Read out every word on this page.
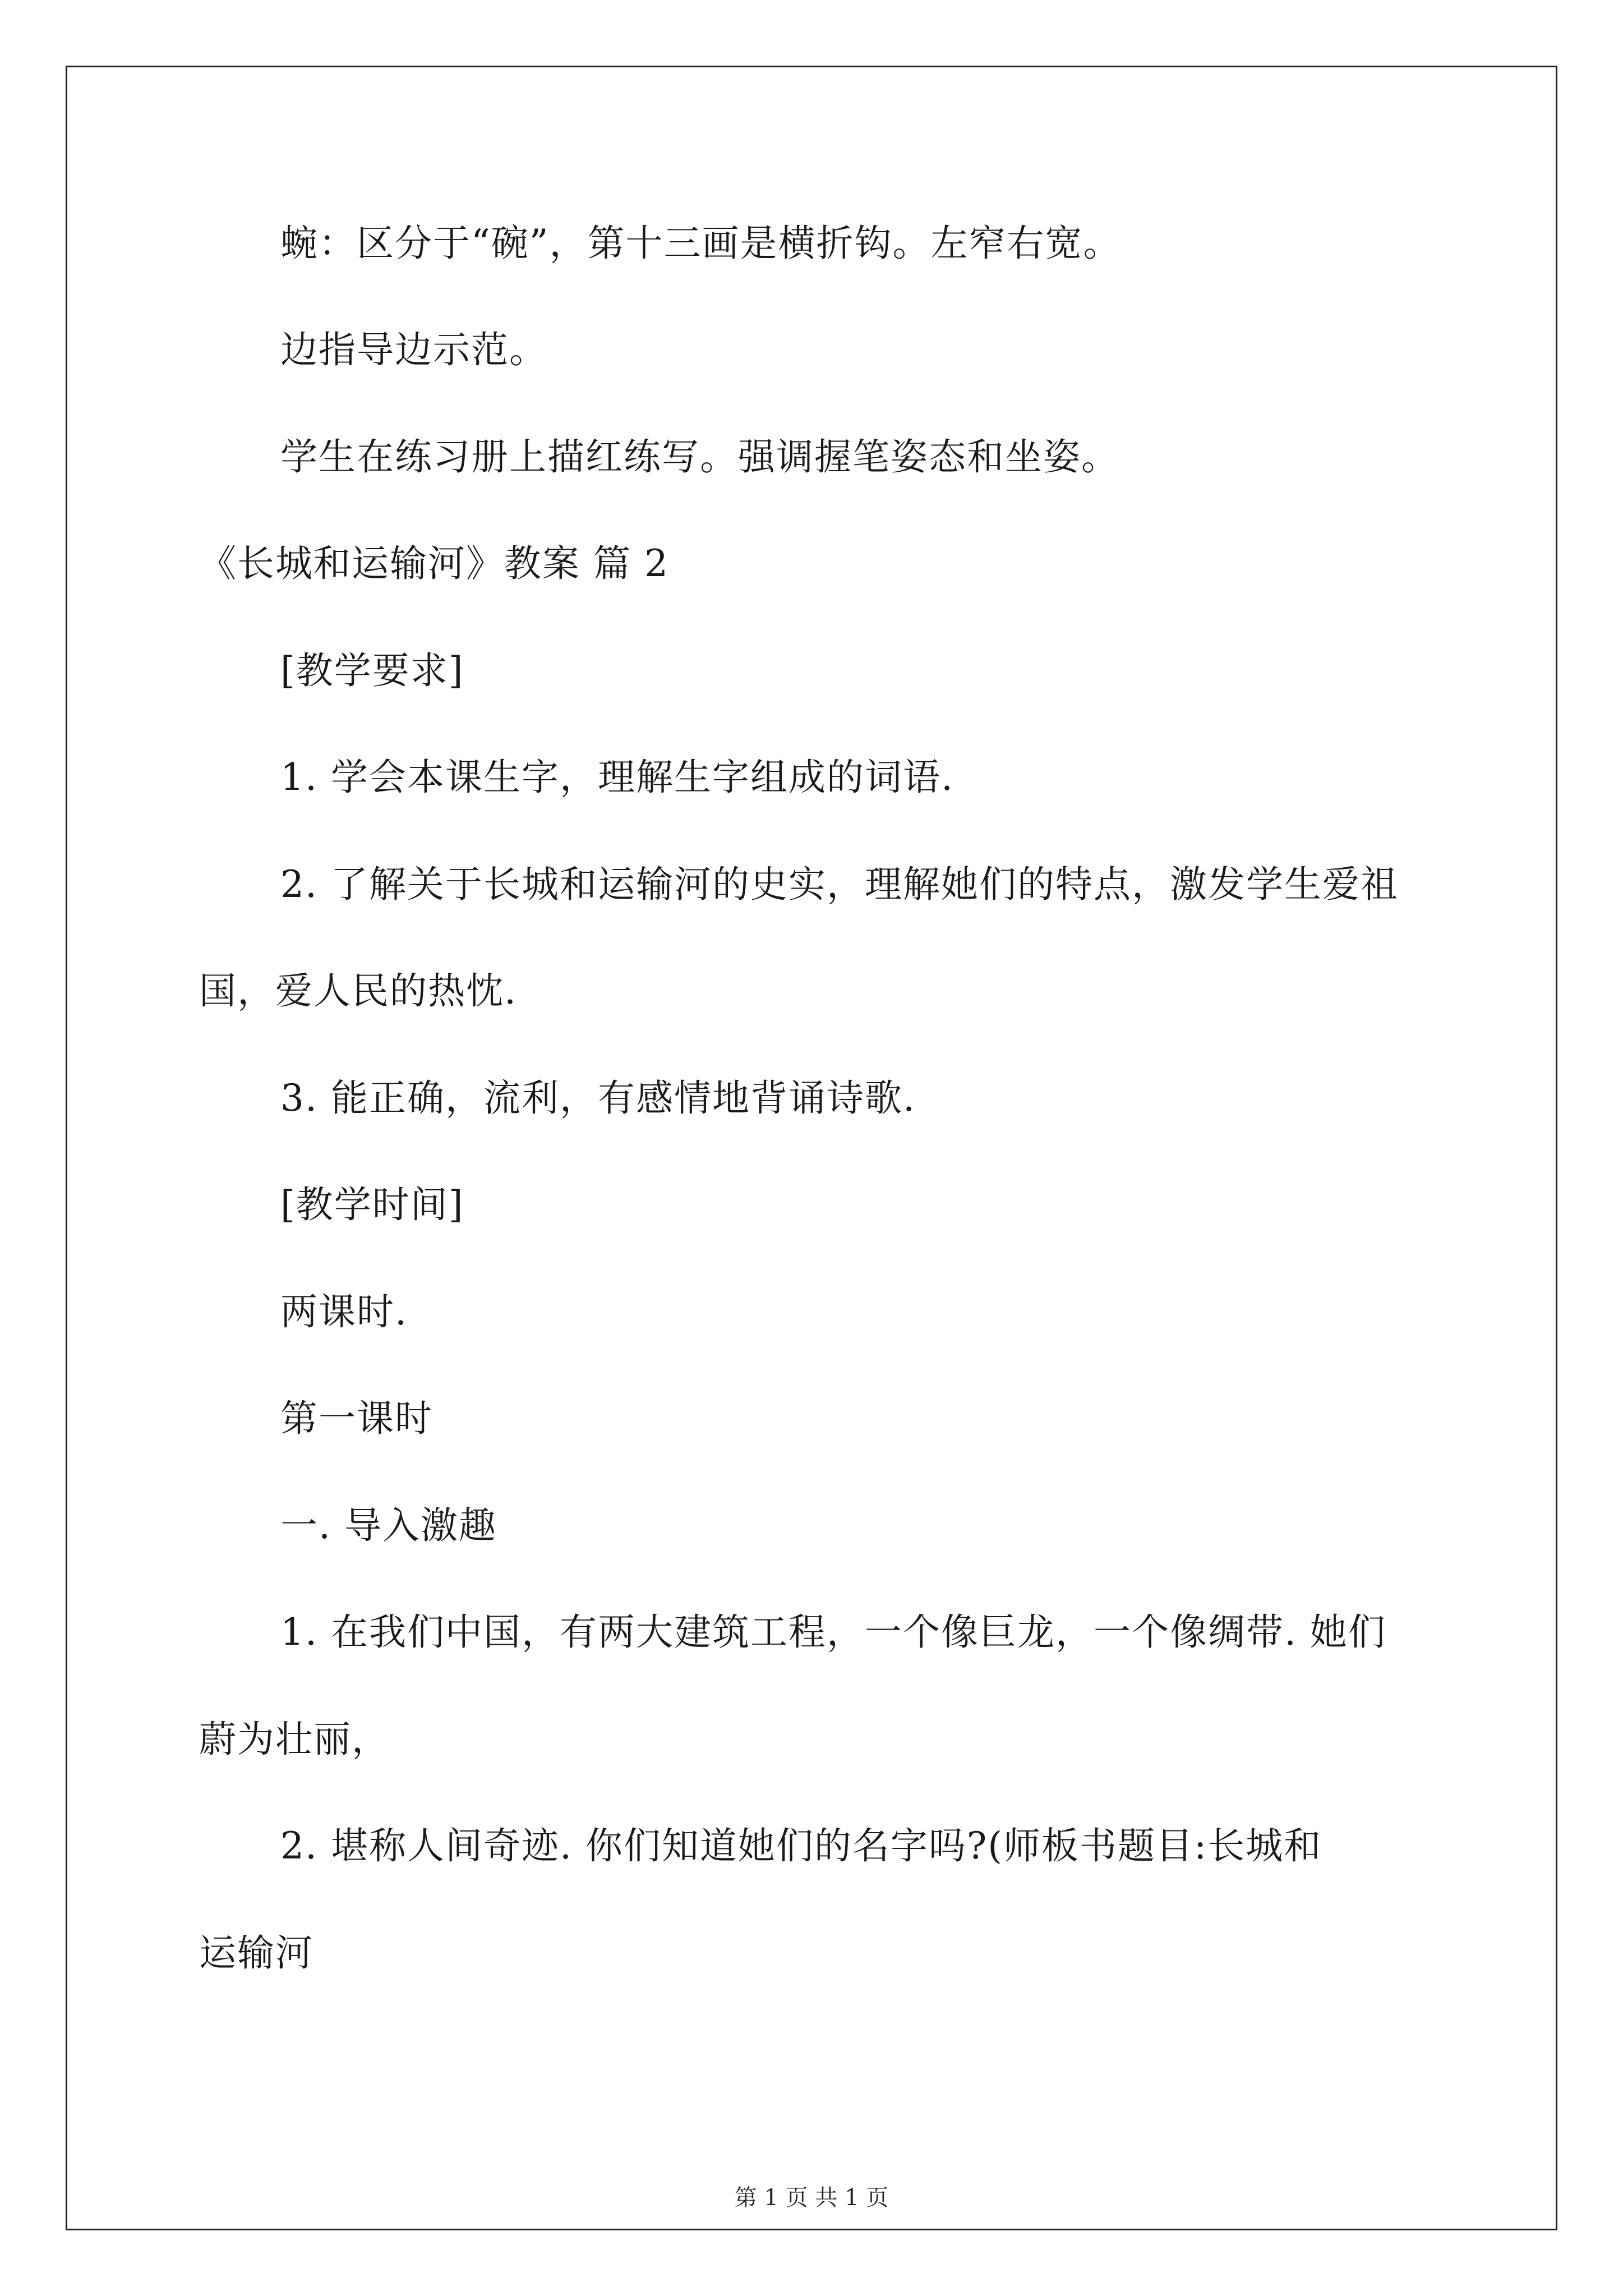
蜿：区分于“碗”，第十三画是横折钩。左窄右宽。
边指导边示范。
学生在练习册上描红练写。强调握笔姿态和坐姿。
《长城和运输河》教案 篇 2
[教学要求]
1. 学会本课生字，理解生字组成的词语.
2. 了解关于长城和运输河的史实，理解她们的特点，激发学生爱祖
国，爱人民的热忱.
3. 能正确，流利，有感情地背诵诗歌.
[教学时间]
两课时.
第一课时
一. 导入激趣
1. 在我们中国，有两大建筑工程，一个像巨龙，一个像绸带. 她们
蔚为壮丽，
2. 堪称人间奇迹. 你们知道她们的名字吗?(师板书题目:长城和
运输河
第 1 页 共 1 页
